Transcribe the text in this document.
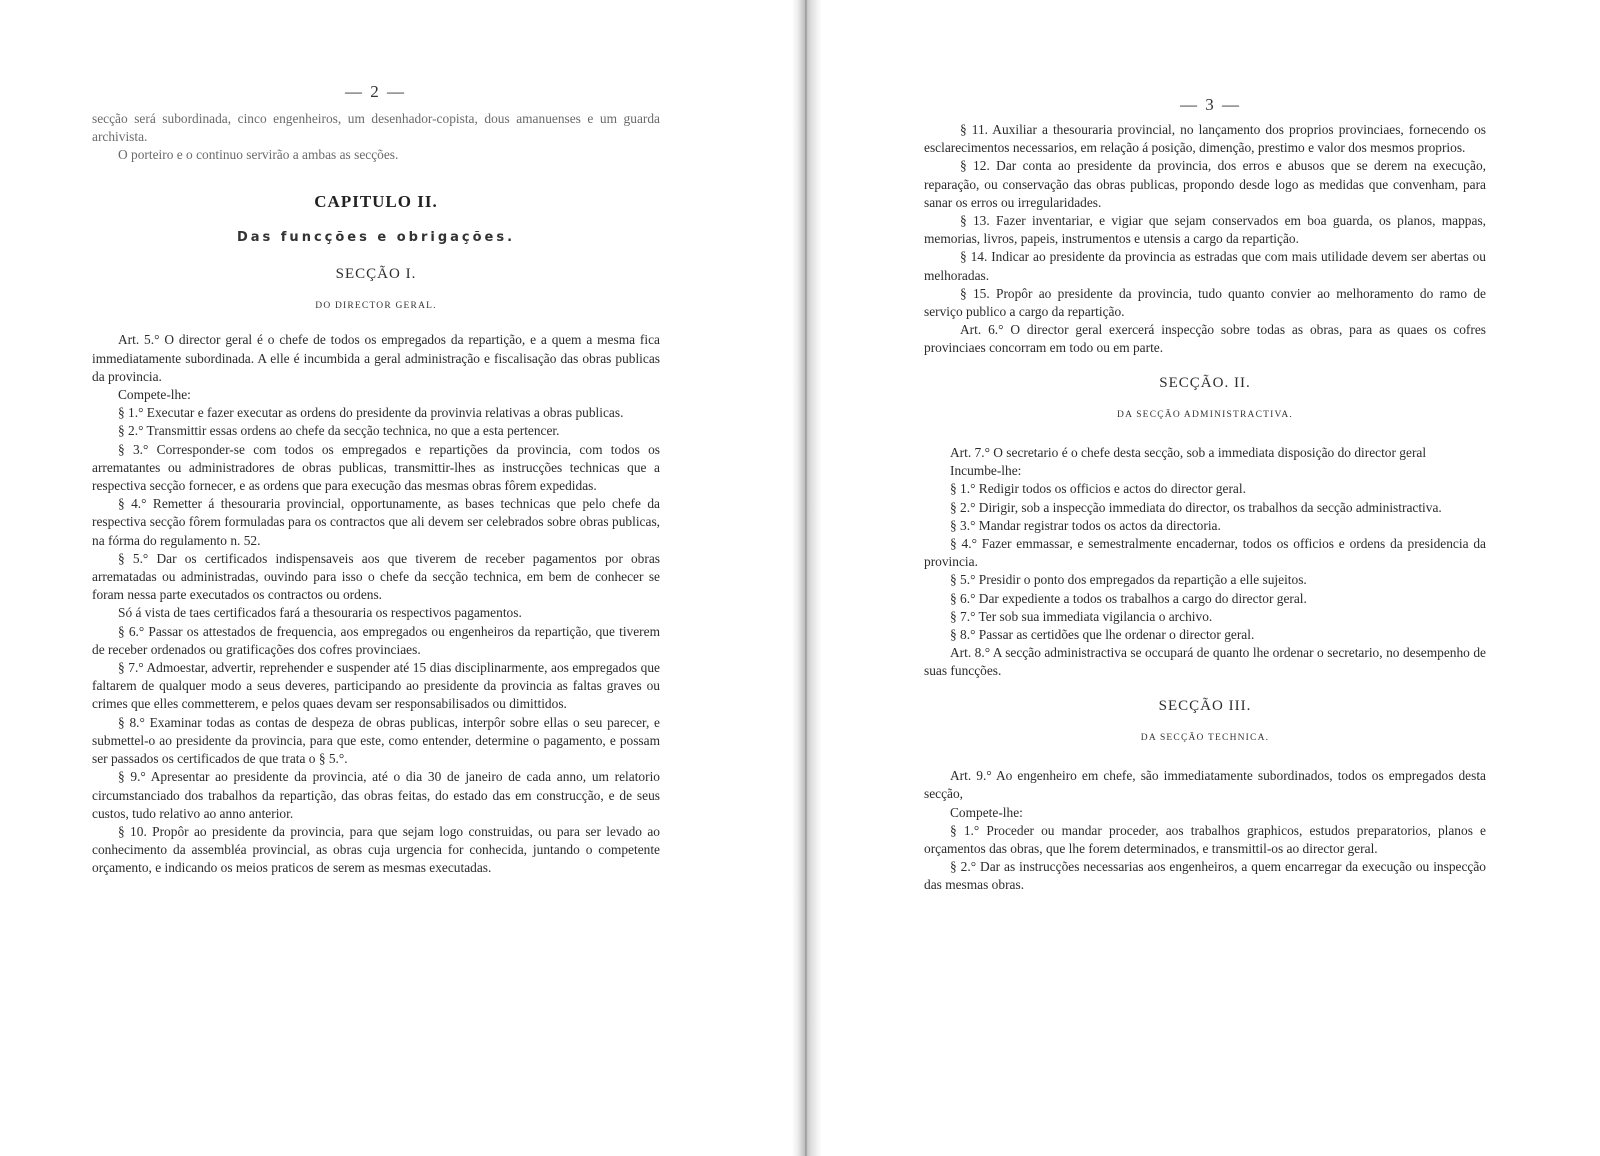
— 2 —

secção será subordinada, cinco engenheiros, um desenhador-copista, dous amanuenses e um guarda archivista.

O porteiro e o continuo servirão a ambas as secções.

CAPITULO II.
Das funcções e obrigações.
SECÇÃO I.
DO DIRECTOR GERAL.

Art. 5.° O director geral é o chefe de todos os empregados da repartição, e a quem a mesma fica immediatamente subordinada. A elle é incumbida a geral administração e fiscalisação das obras publicas da provincia.

Compete-lhe:

§ 1.° Executar e fazer executar as ordens do presidente da provinvia relativas a obras publicas.

§ 2.° Transmittir essas ordens ao chefe da secção technica, no que a esta pertencer.

§ 3.° Corresponder-se com todos os empregados e repartições da provincia, com todos os arrematantes ou administradores de obras publicas, transmittir-lhes as instrucções technicas que a respectiva secção fornecer, e as ordens que para execução das mesmas obras fôrem expedidas.

§ 4.° Remetter á thesouraria provincial, opportunamente, as bases technicas que pelo chefe da respectiva secção fôrem formuladas para os contractos que ali devem ser celebrados sobre obras publicas, na fórma do regulamento n. 52.

§ 5.° Dar os certificados indispensaveis aos que tiverem de receber pagamentos por obras arrematadas ou administradas, ouvindo para isso o chefe da secção technica, em bem de conhecer se foram nessa parte executados os contractos ou ordens.

Só á vista de taes certificados fará a thesouraria os respectivos pagamentos.

§ 6.° Passar os attestados de frequencia, aos empregados ou engenheiros da repartição, que tiverem de receber ordenados ou gratificações dos cofres provinciaes.

§ 7.° Admoestar, advertir, reprehender e suspender até 15 dias disciplinarmente, aos empregados que faltarem de qualquer modo a seus deveres, participando ao presidente da provincia as faltas graves ou crimes que elles commetterem, e pelos quaes devam ser responsabilisados ou dimittidos.

§ 8.° Examinar todas as contas de despeza de obras publicas, interpôr sobre ellas o seu parecer, e submettel-o ao presidente da provincia, para que este, como entender, determine o pagamento, e possam ser passados os certificados de que trata o § 5.°.

§ 9.° Apresentar ao presidente da provincia, até o dia 30 de janeiro de cada anno, um relatorio circumstanciado dos trabalhos da repartição, das obras feitas, do estado das em construcção, e de seus custos, tudo relativo ao anno anterior.

§ 10. Propôr ao presidente da provincia, para que sejam logo construidas, ou para ser levado ao conhecimento da assembléa provincial, as obras cuja urgencia for conhecida, juntando o competente orçamento, e indicando os meios praticos de serem as mesmas executadas.

— 3 —

§ 11. Auxiliar a thesouraria provincial, no lançamento dos proprios provinciaes, fornecendo os esclarecimentos necessarios, em relação á posição, dimenção, prestimo e valor dos mesmos proprios.

§ 12. Dar conta ao presidente da provincia, dos erros e abusos que se derem na execução, reparação, ou conservação das obras publicas, propondo desde logo as medidas que convenham, para sanar os erros ou irregularidades.

§ 13. Fazer inventariar, e vigiar que sejam conservados em boa guarda, os planos, mappas, memorias, livros, papeis, instrumentos e utensis a cargo da repartição.

§ 14. Indicar ao presidente da provincia as estradas que com mais utilidade devem ser abertas ou melhoradas.

§ 15. Propôr ao presidente da provincia, tudo quanto convier ao melhoramento do ramo de serviço publico a cargo da repartição.

Art. 6.° O director geral exercerá inspecção sobre todas as obras, para as quaes os cofres provinciaes concorram em todo ou em parte.

SECÇÃO. II.
DA SECÇÃO ADMINISTRACTIVA.

Art. 7.° O secretario é o chefe desta secção, sob a immediata disposição do director geral

Incumbe-lhe:

§ 1.° Redigir todos os officios e actos do director geral.

§ 2.° Dirigir, sob a inspecção immediata do director, os trabalhos da secção administractiva.

§ 3.° Mandar registrar todos os actos da directoria.

§ 4.° Fazer emmassar, e semestralmente encadernar, todos os officios e ordens da presidencia da provincia.

§ 5.° Presidir o ponto dos empregados da repartição a elle sujeitos.

§ 6.° Dar expediente a todos os trabalhos a cargo do director geral.

§ 7.° Ter sob sua immediata vigilancia o archivo.

§ 8.° Passar as certidões que lhe ordenar o director geral.

Art. 8.° A secção administractiva se occupará de quanto lhe ordenar o secretario, no desempenho de suas funcções.

SECÇÃO III.
DA SECÇÃO TECHNICA.

Art. 9.° Ao engenheiro em chefe, são immediatamente subordinados, todos os empregados desta secção,

Compete-lhe:

§ 1.° Proceder ou mandar proceder, aos trabalhos graphicos, estudos preparatorios, planos e orçamentos das obras, que lhe forem determinados, e transmittil-os ao director geral.

§ 2.° Dar as instrucções necessarias aos engenheiros, a quem encarregar da execução ou inspecção das mesmas obras.
